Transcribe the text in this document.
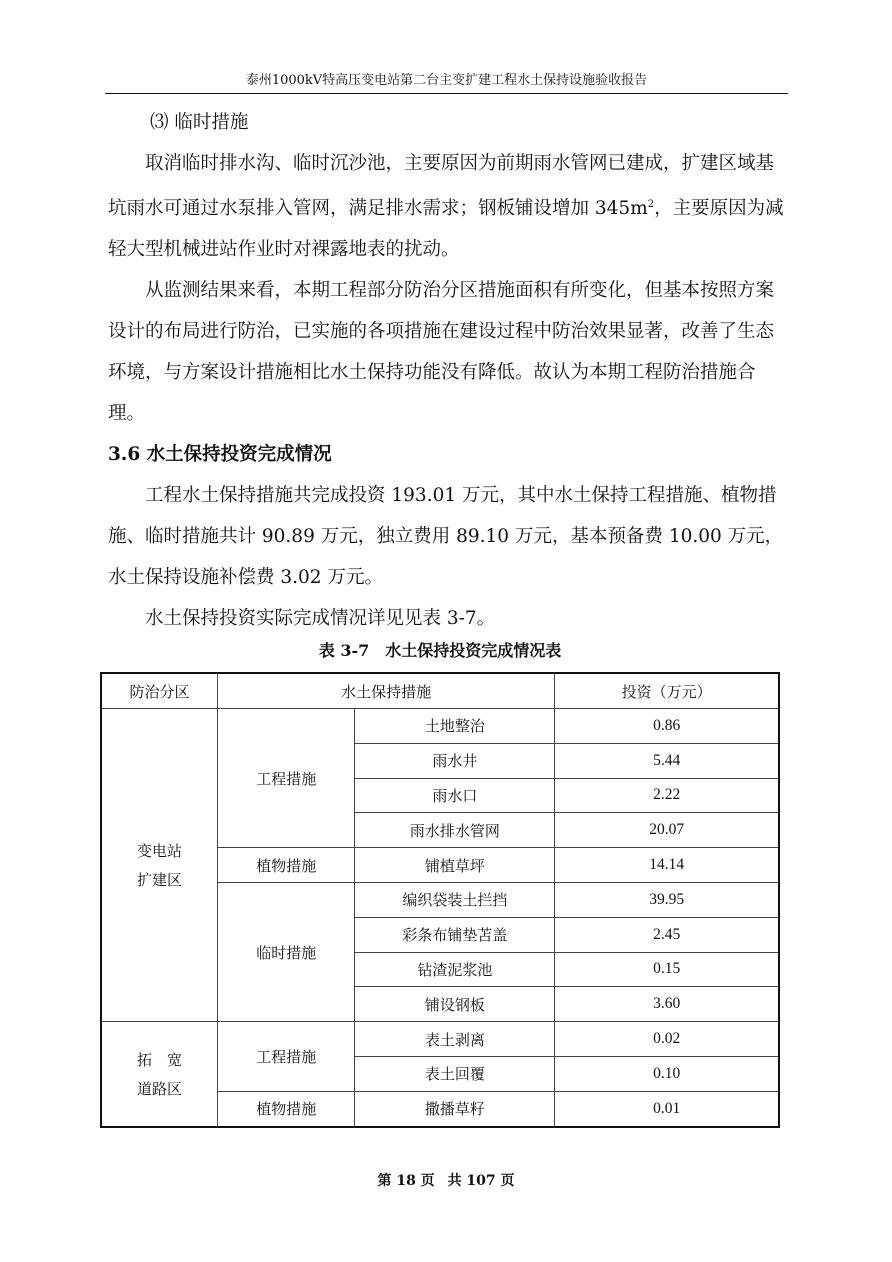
泰州1000kV特高压变电站第二台主变扩建工程水土保持设施验收报告

⑶ 临时措施

取消临时排水沟、临时沉沙池，主要原因为前期雨水管网已建成，扩建区域基坑雨水可通过水泵排入管网，满足排水需求；钢板铺设增加 $345m^2$，主要原因为减轻大型机械进站作业时对裸露地表的扰动。

从监测结果来看，本期工程部分防治分区措施面积有所变化，但基本按照方案设计的布局进行防治，已实施的各项措施在建设过程中防治效果显著，改善了生态环境，与方案设计措施相比水土保持功能没有降低。故认为本期工程防治措施合理。

3.6 水土保持投资完成情况

工程水土保持措施共完成投资 193.01 万元，其中水土保持工程措施、植物措施、临时措施共计 90.89 万元，独立费用 89.10 万元，基本预备费 10.00 万元，水土保持设施补偿费 3.02 万元。

水土保持投资实际完成情况详见见表 3-7。

表 3-7　水土保持投资完成情况表
防治分区	水土保持措施		投资（万元）

变电站
扩建区	工程措施	土地整治	0.86
		雨水井	5.44
		雨水口	2.22
		雨水排水管网	20.07
	植物措施	铺植草坪	14.14
	临时措施	编织袋装土拦挡	39.95
		彩条布铺垫苫盖	2.45
		钻渣泥浆池	0.15
		铺设钢板	3.60

拓　宽
道路区	工程措施	表土剥离	0.02
		表土回覆	0.10
	植物措施	撒播草籽	0.01
第 18 页 共 107 页
